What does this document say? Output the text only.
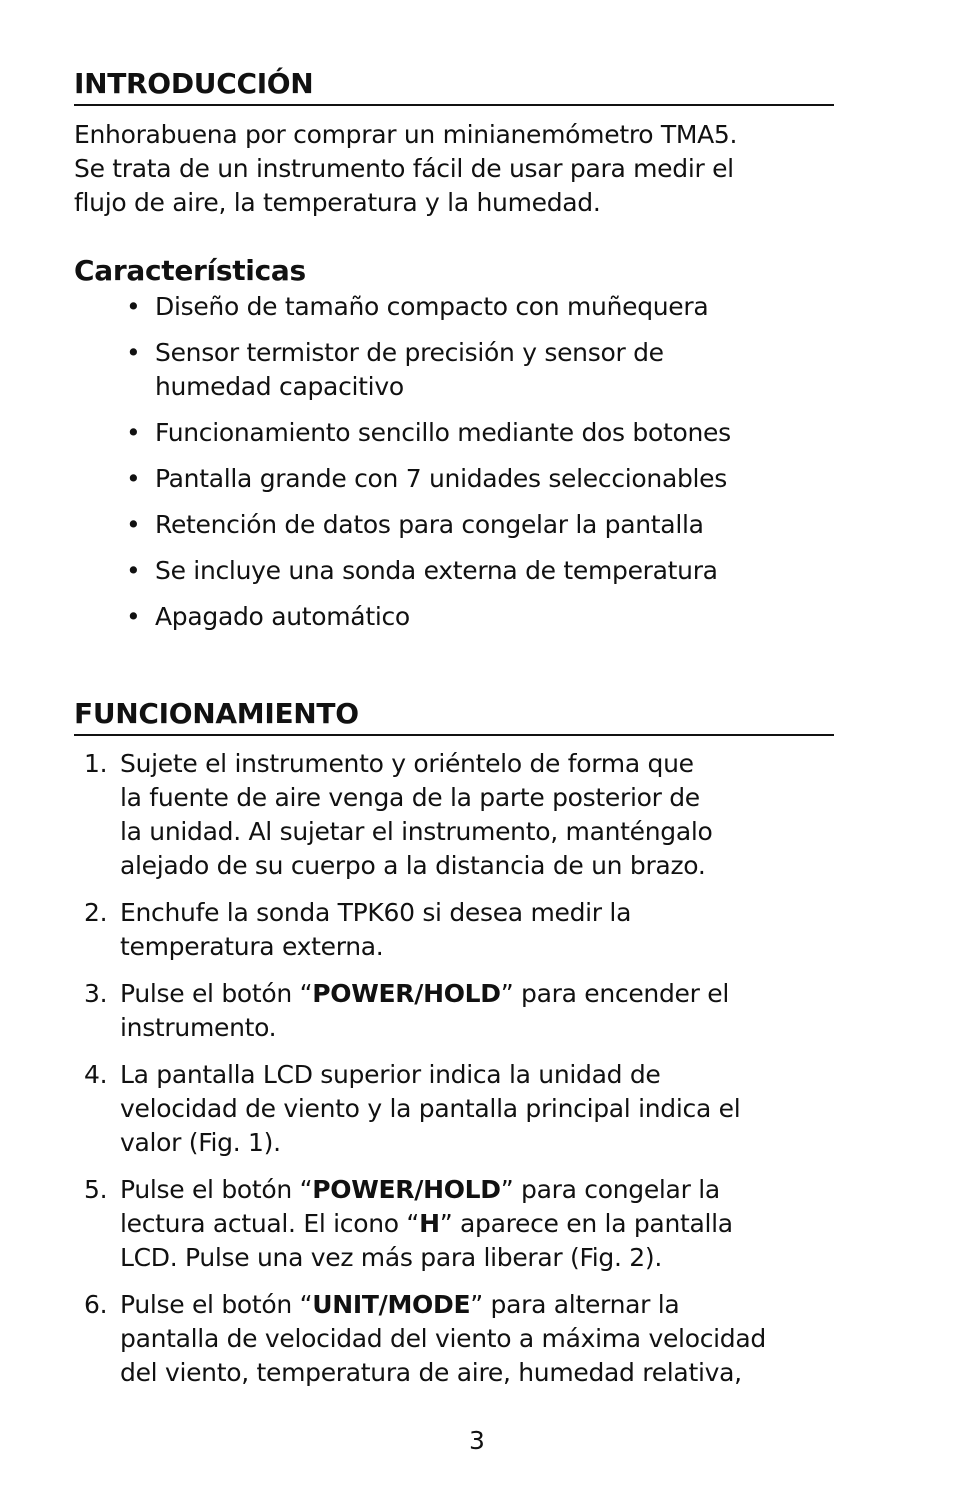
INTRODUCCIÓN
Enhorabuena por comprar un minianemómetro TMA5.
Se trata de un instrumento fácil de usar para medir el
flujo de aire, la temperatura y la humedad.
Características
• Diseño de tamaño compacto con muñequera
• Sensor termistor de precisión y sensor de
humedad capacitivo
• Funcionamiento sencillo mediante dos botones
• Pantalla grande con 7 unidades seleccionables
• Retención de datos para congelar la pantalla
• Se incluye una sonda externa de temperatura
• Apagado automático
FUNCIONAMIENTO
1. Sujete el instrumento y oriéntelo de forma que
la fuente de aire venga de la parte posterior de
la unidad. Al sujetar el instrumento, manténgalo
alejado de su cuerpo a la distancia de un brazo.
2. Enchufe la sonda TPK60 si desea medir la
temperatura externa.
3. Pulse el botón “POWER/HOLD” para encender el
instrumento.
4. La pantalla LCD superior indica la unidad de
velocidad de viento y la pantalla principal indica el
valor (Fig. 1).
5. Pulse el botón “POWER/HOLD” para congelar la
lectura actual. El icono “H” aparece en la pantalla
LCD. Pulse una vez más para liberar (Fig. 2).
6. Pulse el botón “UNIT/MODE” para alternar la
pantalla de velocidad del viento a máxima velocidad
del viento, temperatura de aire, humedad relativa,
3
